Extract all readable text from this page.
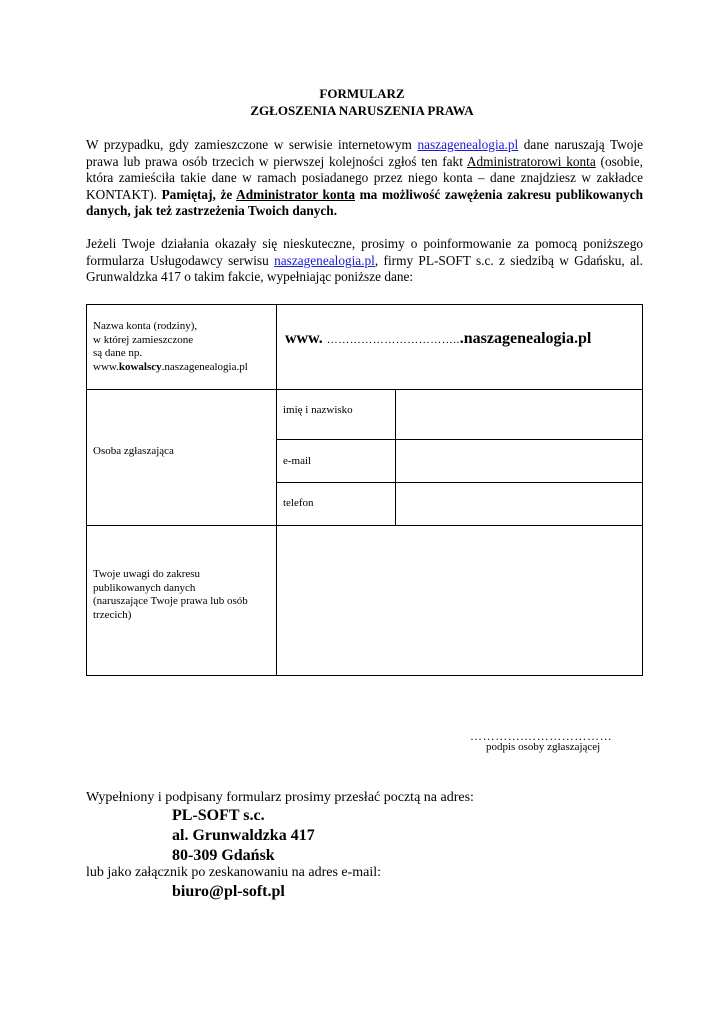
FORMULARZ
ZGŁOSZENIA NARUSZENIA PRAWA
W przypadku, gdy zamieszczone w serwisie internetowym naszagenealogia.pl dane naruszają Twoje prawa lub prawa osób trzecich w pierwszej kolejności zgłoś ten fakt Administratorowi konta (osobie, która zamieściła takie dane w ramach posiadanego przez niego konta – dane znajdziesz w zakładce KONTAKT). Pamiętaj, że Administrator konta ma możliwość zawężenia zakresu publikowanych danych, jak też zastrzeżenia Twoich danych.
Jeżeli Twoje działania okazały się nieskuteczne, prosimy o poinformowanie za pomocą poniższego formularza Usługodawcy serwisu naszagenealogia.pl, firmy PL-SOFT s.c. z siedzibą w Gdańsku, al. Grunwaldzka 417 o takim fakcie, wypełniając poniższe dane:
Nazwa konta (rodziny),
w której zamieszczone
są dane np.
www.kowalscy.naszagenealogia.pl
www. ……………………………...naszagenealogia.pl
Osoba zgłaszająca
imię i nazwisko
e-mail
telefon
Twoje uwagi do zakresu
publikowanych danych
(naruszające Twoje prawa lub osób
trzecich)
………….…………………
podpis osoby zgłaszającej
Wypełniony i podpisany formularz prosimy przesłać pocztą na adres:
PL-SOFT s.c.
al. Grunwaldzka 417
80-309 Gdańsk
lub jako załącznik po zeskanowaniu na adres e-mail:
biuro@pl-soft.pl
